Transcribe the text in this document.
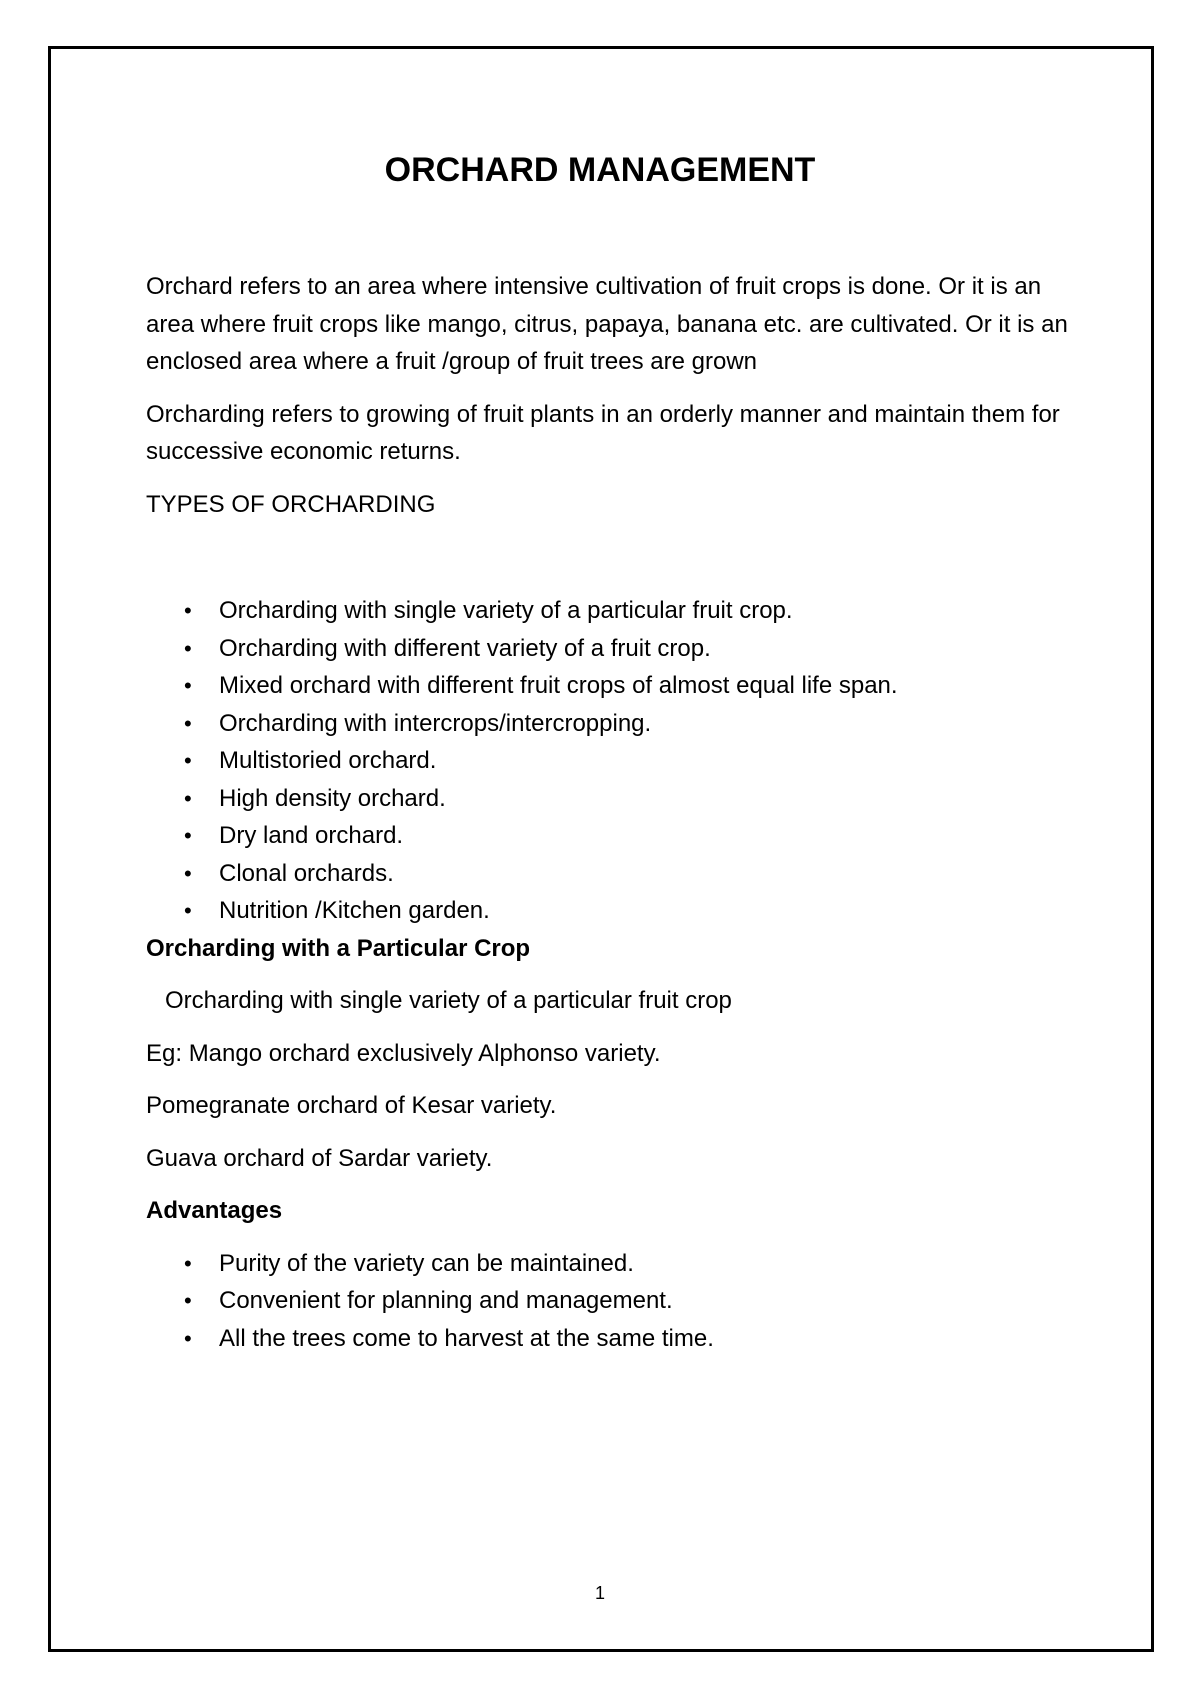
ORCHARD MANAGEMENT

Orchard refers to an area where intensive cultivation of fruit crops is done. Or it is an area where fruit crops like mango, citrus, papaya, banana etc. are cultivated. Or it is an enclosed area where a fruit /group of fruit trees are grown

Orcharding refers to growing of fruit plants in an orderly manner and maintain them for successive economic returns.

TYPES OF ORCHARDING

• Orcharding with single variety of a particular fruit crop.
• Orcharding with different variety of a fruit crop.
• Mixed orchard with different fruit crops of almost equal life span.
• Orcharding with intercrops/intercropping.
• Multistoried orchard.
• High density orchard.
• Dry land orchard.
• Clonal orchards.
• Nutrition /Kitchen garden.

Orcharding with a Particular Crop

Orcharding with single variety of a particular fruit crop

Eg: Mango orchard exclusively Alphonso variety.

Pomegranate orchard of Kesar variety.

Guava orchard of Sardar variety.

Advantages

• Purity of the variety can be maintained.
• Convenient for planning and management.
• All the trees come to harvest at the same time.
1
